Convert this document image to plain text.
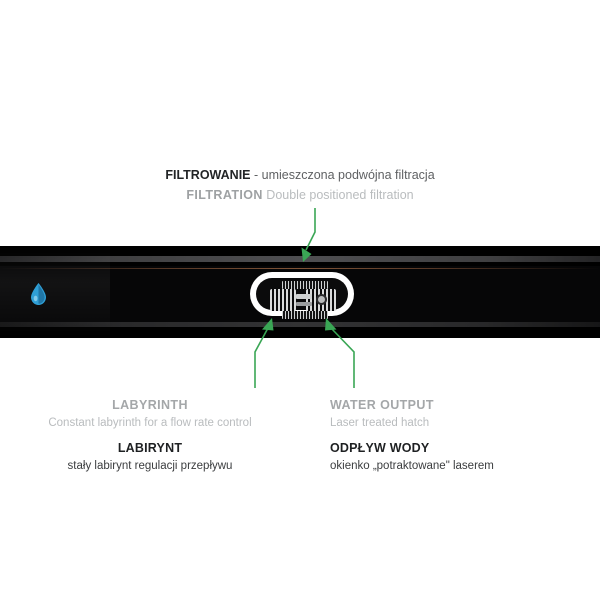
FILTROWANIE - umieszczona podwójna filtracja
FILTRATION Double positioned filtration
LABYRINTH
Constant labyrinth for a flow rate control
LABIRYNT
stały labirynt regulacji przepływu
WATER OUTPUT
Laser treated hatch
ODPŁYW WODY
okienko „potraktowane" laserem
